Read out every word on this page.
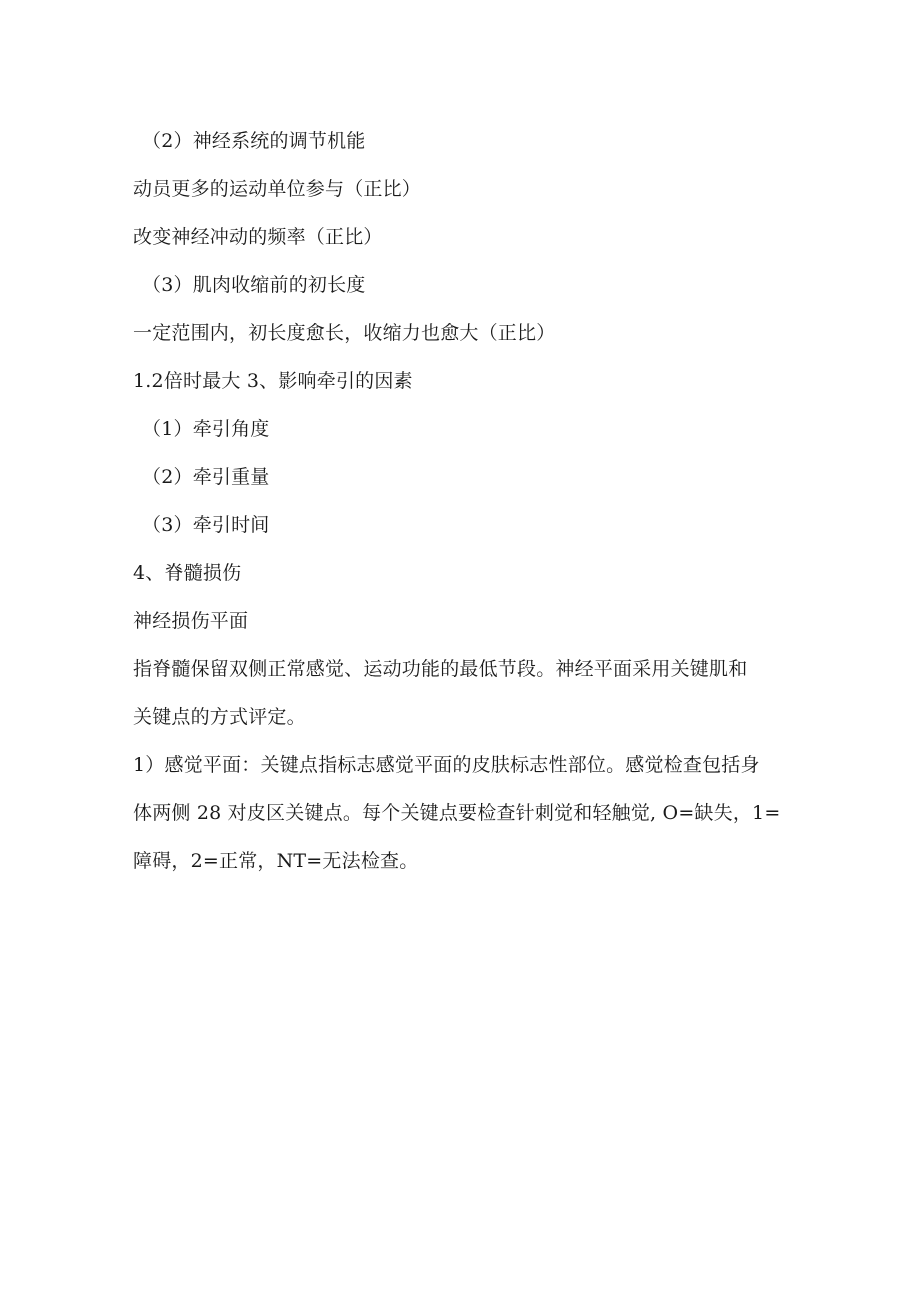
（2）神经系统的调节机能
动员更多的运动单位参与（正比）
改变神经冲动的频率（正比）
（3）肌肉收缩前的初长度
一定范围内，初长度愈长，收缩力也愈大（正比）
1.2倍时最大 3、影响牵引的因素
（1）牵引角度
（2）牵引重量
（3）牵引时间
4、脊髓损伤
神经损伤平面
指脊髓保留双侧正常感觉、运动功能的最低节段。神经平面采用关键肌和
关键点的方式评定。
1）感觉平面：关键点指标志感觉平面的皮肤标志性部位。感觉检查包括身
体两侧 28 对皮区关键点。每个关键点要检查针刺觉和轻触觉, O=缺失，1=
障碍，2=正常，NT=无法检查。
